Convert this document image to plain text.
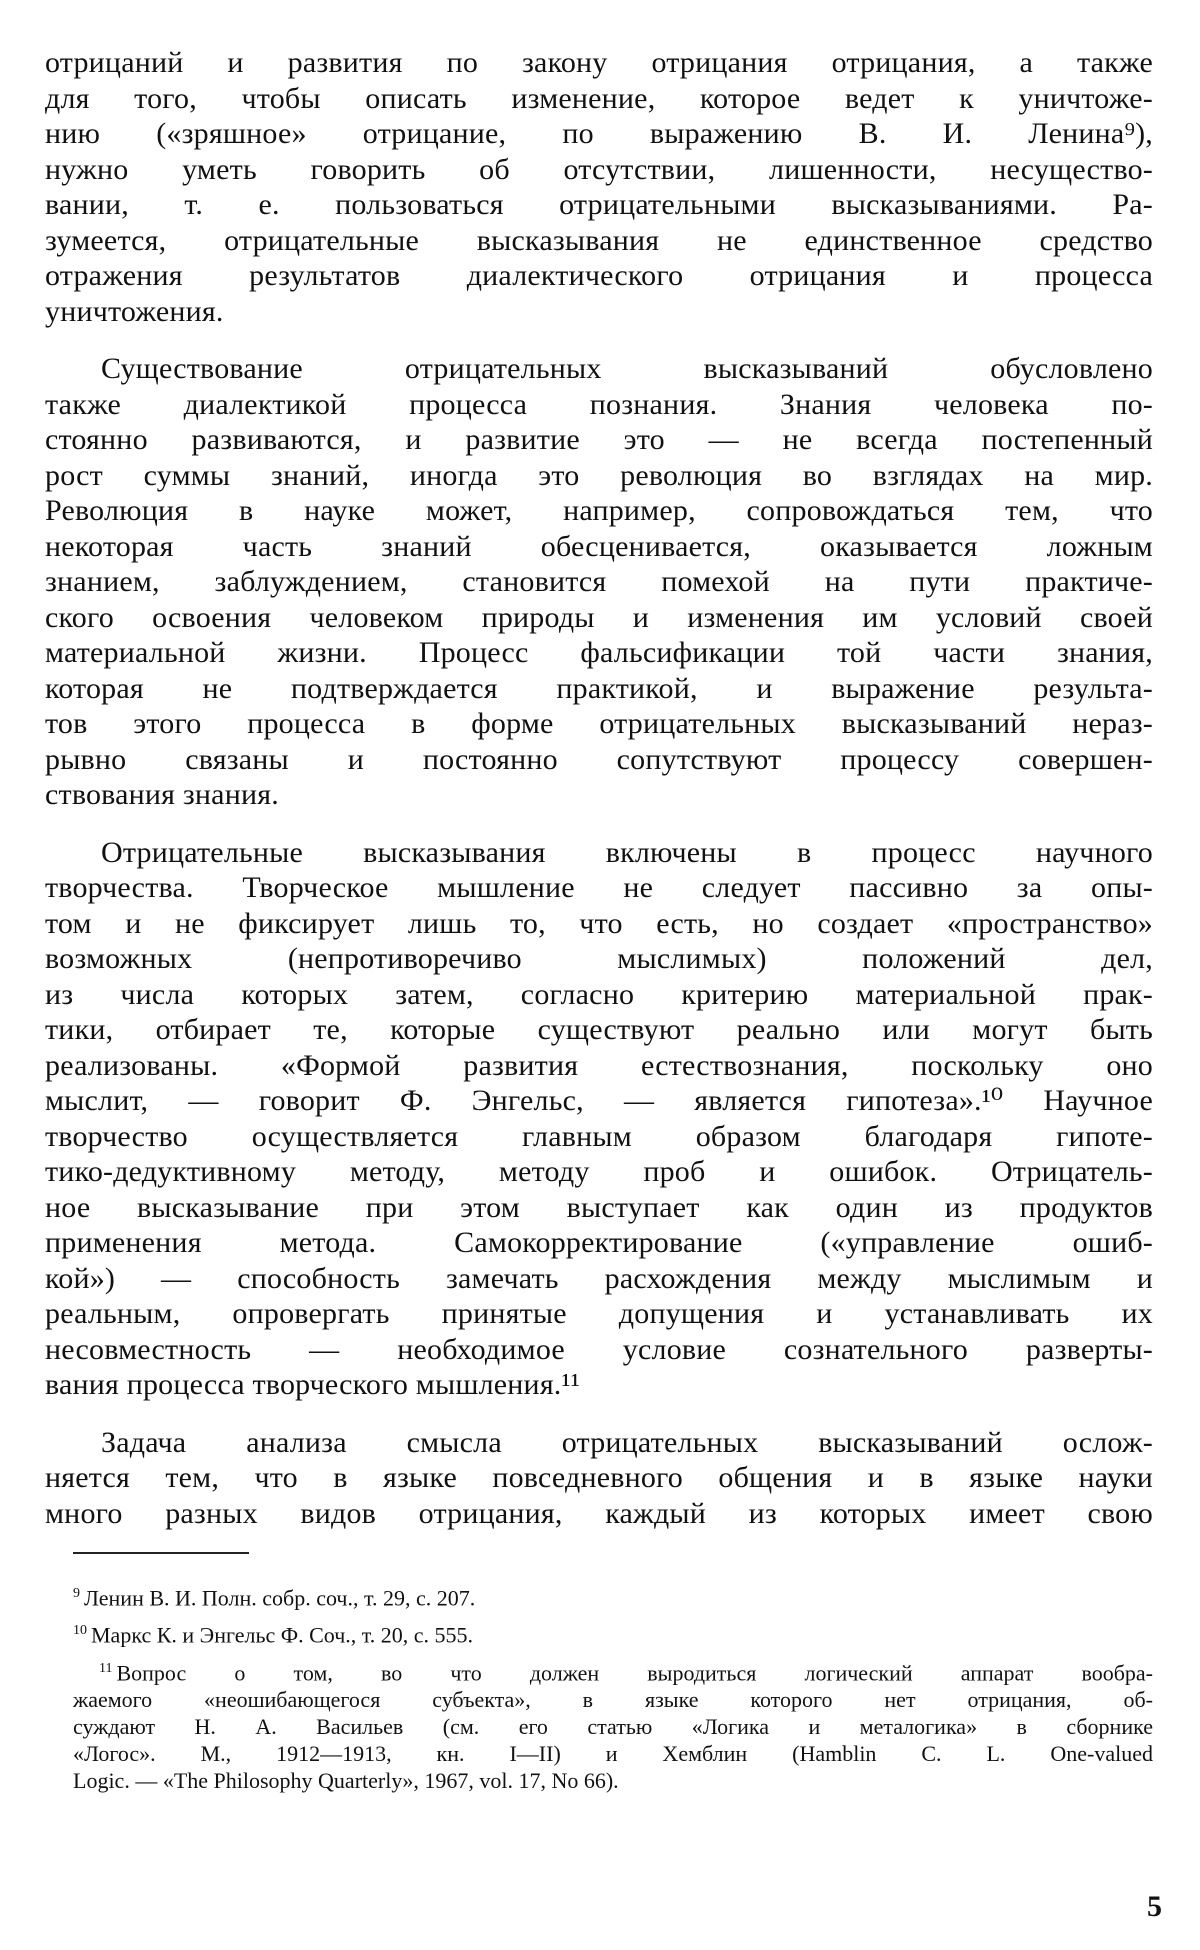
отрицаний и развития по закону отрицания отрицания, а также
для того, чтобы описать изменение, которое ведет к уничтоже-
нию («зряшное» отрицание, по выражению В. И. Ленина⁹),
нужно уметь говорить об отсутствии, лишенности, несущество-
вании, т. е. пользоваться отрицательными высказываниями. Ра-
зумеется, отрицательные высказывания не единственное средство
отражения результатов диалектического отрицания и процесса
уничтожения.

Существование отрицательных высказываний обусловлено
также диалектикой процесса познания. Знания человека по-
стоянно развиваются, и развитие это — не всегда постепенный
рост суммы знаний, иногда это революция во взглядах на мир.
Революция в науке может, например, сопровождаться тем, что
некоторая часть знаний обесценивается, оказывается ложным
знанием, заблуждением, становится помехой на пути практиче-
ского освоения человеком природы и изменения им условий своей
материальной жизни. Процесс фальсификации той части знания,
которая не подтверждается практикой, и выражение результа-
тов этого процесса в форме отрицательных высказываний нераз-
рывно связаны и постоянно сопутствуют процессу совершен-
ствования знания.

Отрицательные высказывания включены в процесс научного
творчества. Творческое мышление не следует пассивно за опы-
том и не фиксирует лишь то, что есть, но создает «пространство»
возможных (непротиворечиво мыслимых) положений дел,
из числа которых затем, согласно критерию материальной прак-
тики, отбирает те, которые существуют реально или могут быть
реализованы. «Формой развития естествознания, поскольку оно
мыслит, — говорит Ф. Энгельс, — является гипотеза».¹⁰ Научное
творчество осуществляется главным образом благодаря гипоте-
тико-дедуктивному методу, методу проб и ошибок. Отрицатель-
ное высказывание при этом выступает как один из продуктов
применения метода. Самокорректирование («управление ошиб-
кой») — способность замечать расхождения между мыслимым и
реальным, опровергать принятые допущения и устанавливать их
несовместность — необходимое условие сознательного разверты-
вания процесса творческого мышления.¹¹

Задача анализа смысла отрицательных высказываний ослож-
няется тем, что в языке повседневного общения и в языке науки
много разных видов отрицания, каждый из которых имеет свою

$^9$ Ленин В. И. Полн. собр. соч., т. 29, с. 207.

$^{10}$ Маркс К. и Энгельс Ф. Соч., т. 20, с. 555.

$^{11}$ Вопрос о том, во что должен выродиться логический аппарат вообра-
жаемого «неошибающегося субъекта», в языке которого нет отрицания, об-
суждают Н. А. Васильев (см. его статью «Логика и металогика» в сборнике
«Логос». М., 1912—1913, кн. I—II) и Хемблин (Hamblin C. L. One-valued
Logic. — «The Philosophy Quarterly», 1967, vol. 17, No 66).

5
